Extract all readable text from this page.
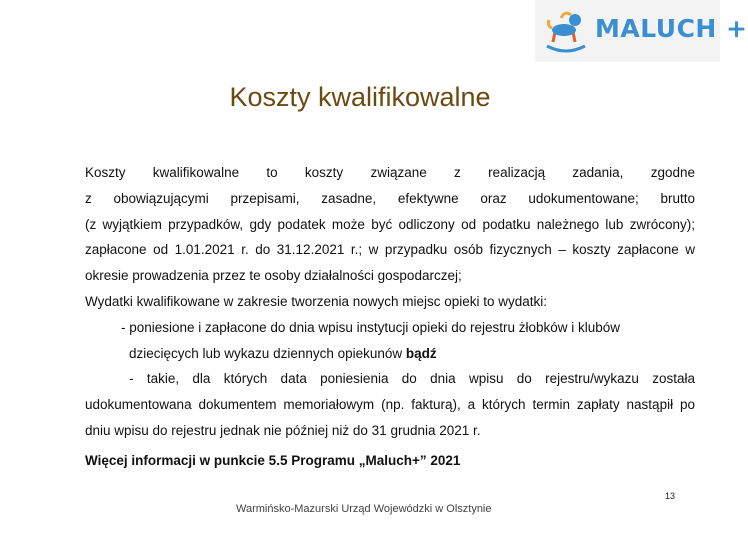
MALUCH +
Koszty kwalifikowalne
Koszty kwalifikowalne to koszty związane z realizacją zadania, zgodne
z obowiązującymi przepisami, zasadne, efektywne oraz udokumentowane; brutto
(z wyjątkiem przypadków, gdy podatek może być odliczony od podatku należnego lub zwrócony);
zapłacone od 1.01.2021 r. do 31.12.2021 r.; w przypadku osób fizycznych – koszty zapłacone w
okresie prowadzenia przez te osoby działalności gospodarczej;
Wydatki kwalifikowane w zakresie tworzenia nowych miejsc opieki to wydatki:
- poniesione i zapłacone do dnia wpisu instytucji opieki do rejestru żłobków i klubów
dziecięcych lub wykazu dziennych opiekunów bądź
- takie, dla których data poniesienia do dnia wpisu do rejestru/wykazu została
udokumentowana dokumentem memoriałowym (np. fakturą), a których termin zapłaty nastąpił po
dniu wpisu do rejestru jednak nie później niż do 31 grudnia 2021 r.
Więcej informacji w punkcie 5.5 Programu „Maluch+” 2021
Warmińsko-Mazurski Urząd Wojewódzki w Olsztynie
13
